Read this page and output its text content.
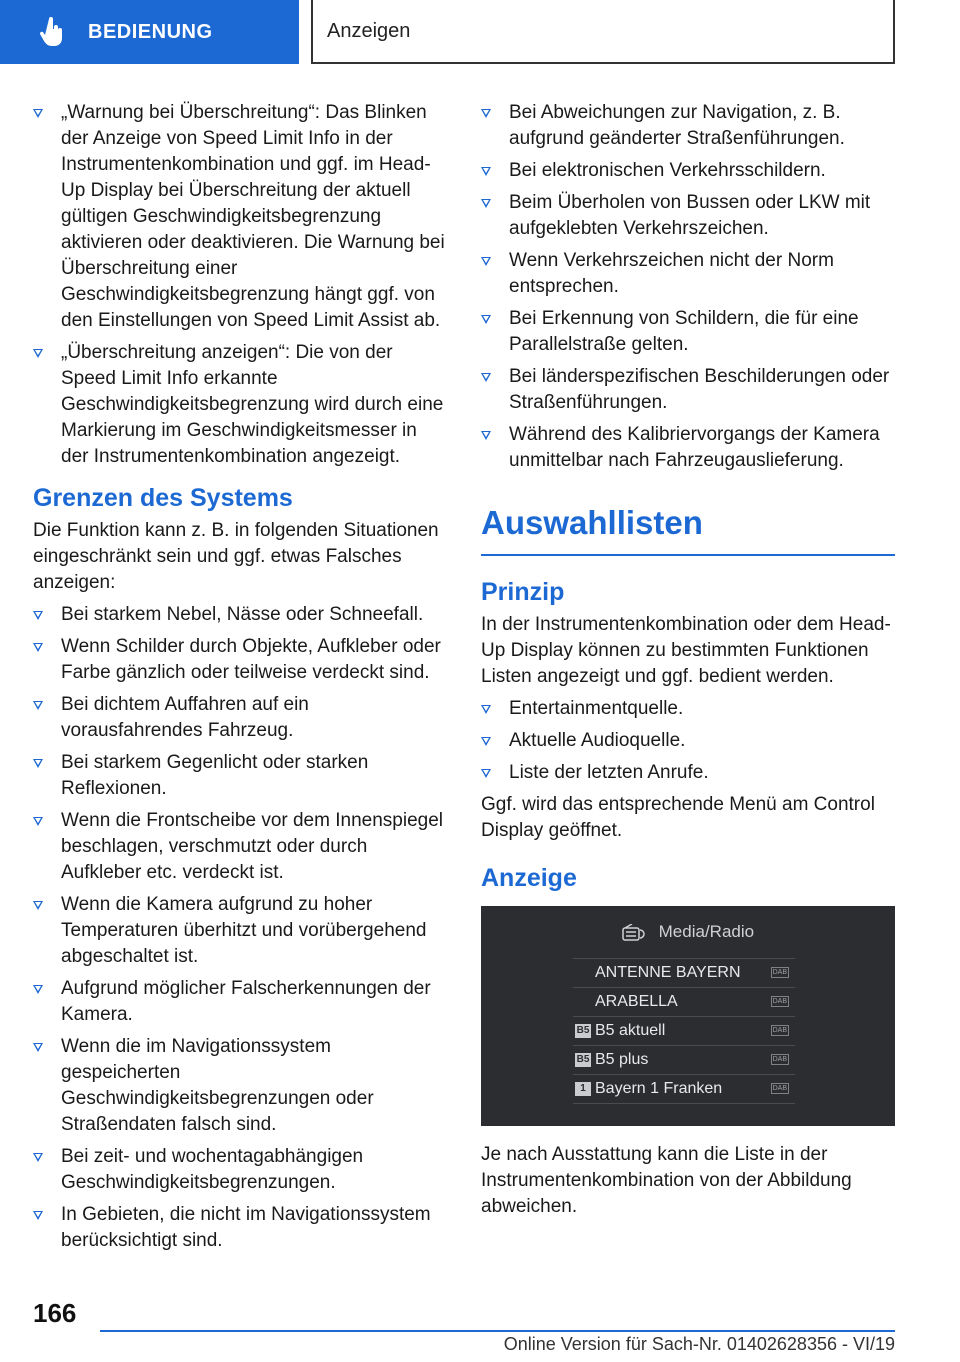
BEDIENUNG	Anzeigen
„Warnung bei Überschreitung“: Das Blinken der Anzeige von Speed Limit Info in der Instrumentenkombination und ggf. im Head-Up Display bei Überschreitung der aktuell gültigen Geschwindigkeitsbegrenzung aktivieren oder deaktivieren. Die Warnung bei Überschreitung einer Geschwindigkeitsbegrenzung hängt ggf. von den Einstellungen von Speed Limit Assist ab.
„Überschreitung anzeigen“: Die von der Speed Limit Info erkannte Geschwindigkeitsbegrenzung wird durch eine Markierung im Geschwindigkeitsmesser in der Instrumentenkombination angezeigt.
Grenzen des Systems

Die Funktion kann z. B. in folgenden Situationen eingeschränkt sein und ggf. etwas Falsches anzeigen:

Bei starkem Nebel, Nässe oder Schneefall.
Wenn Schilder durch Objekte, Aufkleber oder Farbe gänzlich oder teilweise verdeckt sind.
Bei dichtem Auffahren auf ein vorausfahrendes Fahrzeug.
Bei starkem Gegenlicht oder starken Reflexionen.
Wenn die Frontscheibe vor dem Innenspiegel beschlagen, verschmutzt oder durch Aufkleber etc. verdeckt ist.
Wenn die Kamera aufgrund zu hoher Temperaturen überhitzt und vorübergehend abgeschaltet ist.
Aufgrund möglicher Falscherkennungen der Kamera.
Wenn die im Navigationssystem gespeicherten Geschwindigkeitsbegrenzungen oder Straßendaten falsch sind.
Bei zeit- und wochentagabhängigen Geschwindigkeitsbegrenzungen.
In Gebieten, die nicht im Navigationssystem berücksichtigt sind.
Bei Abweichungen zur Navigation, z. B. aufgrund geänderter Straßenführungen.
Bei elektronischen Verkehrsschildern.
Beim Überholen von Bussen oder LKW mit aufgeklebten Verkehrszeichen.
Wenn Verkehrszeichen nicht der Norm entsprechen.
Bei Erkennung von Schildern, die für eine Parallelstraße gelten.
Bei länderspezifischen Beschilderungen oder Straßenführungen.
Während des Kalibriervorgangs der Kamera unmittelbar nach Fahrzeugauslieferung.
Auswahllisten
Prinzip

In der Instrumentenkombination oder dem Head-Up Display können zu bestimmten Funktionen Listen angezeigt und ggf. bedient werden.

Entertainmentquelle.
Aktuelle Audioquelle.
Liste der letzten Anrufe.

Ggf. wird das entsprechende Menü am Control Display geöffnet.

Anzeige
Media/Radio
ANTENNE BAYERN	DAB
ARABELLA	DAB
B5 B5 aktuell	DAB
B5 B5 plus	DAB
1 Bayern 1 Franken	DAB

Je nach Ausstattung kann die Liste in der Instrumentenkombination von der Abbildung abweichen.

166
Online Version für Sach-Nr. 01402628356 - VI/19
